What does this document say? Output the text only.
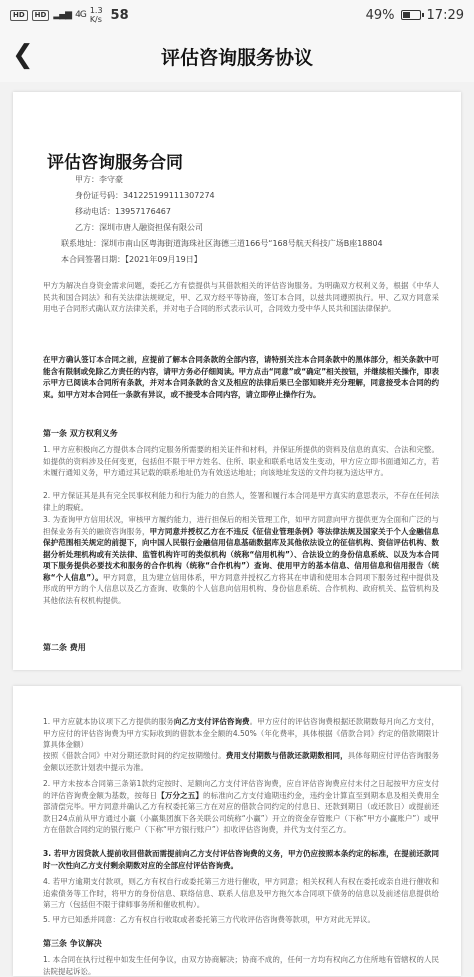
HD	HD ▂▄▆ 4G 1.3
K/s 58	49% 17:29
❮	评估咨询服务协议
评估咨询服务合同
甲方：李守豪
身份证号码：341225199111307274
移动电话：13957176467
乙方：深圳市唐人融资担保有限公司
联系地址：深圳市南山区粤海街道海珠社区海德三道166号“168号航天科技广场B座18804
本合同签署日期：【2021年09月19日】
甲方为解决自身资金需求问题，委托乙方有偿提供与其借款相关的评估咨询服务。为明确双方权利义务，根据《中华人民共和国合同法》和有关法律法规规定，甲、乙双方经平等协商，签订本合同，以兹共同遵照执行。甲、乙双方同意采用电子合同形式确认双方法律关系，并对电子合同的形式表示认可，合同效力受中华人民共和国法律保护。
在甲方确认签订本合同之前，应提前了解本合同条款的全部内容，请特别关注本合同条款中的黑体部分，相关条款中可能含有限制或免除乙方责任的内容，请甲方务必仔细阅读。甲方点击“同意”或“确定”相关按钮，并继续相关操作，即表示甲方已阅读本合同所有条款，并对本合同条款的含义及相应的法律后果已全部知晓并充分理解，同意接受本合同的约束。如甲方对本合同任一条款有异议，或不接受本合同内容，请立即停止操作行为。
第一条 双方权利义务
1. 甲方应积极向乙方提供本合同约定服务所需要的相关证件和材料，并保证所提供的资料及信息的真实、合法和完整。如提供的资料涉及任何变更，包括但不限于甲方姓名、住所、职业和联系电话发生变动，甲方应立即书面通知乙方，若未履行通知义务，甲方通过其记载的联系地址仍为有效送达地址；向该地址发送的文件均视为送达甲方。
2. 甲方保证其是具有完全民事权利能力和行为能力的自然人，签署和履行本合同是甲方真实的意思表示，不存在任何法律上的瑕疵。
3. 为查询甲方信用状况，审核甲方履约能力，进行担保后的相关管理工作，如甲方同意向甲方提供更为全面和广泛的与担保业务有关的融资咨询服务，甲方同意并授权乙方在不违反《征信业管理条例》等法律法规及国家关于个人金融信息保护范围相关规定的前提下，向中国人民银行金融信用信息基础数据库及其他依法设立的征信机构、资信评估机构、数据分析处理机构或有关法律、监管机构许可的类似机构（统称“信用机构”）、合法设立的身份信息系统、以及为本合同项下服务提供必要技术和服务的合作机构（统称“合作机构”）查询、使用甲方的基本信息、信用信息和信用报告（统称“个人信息”）。甲方同意，且为建立信用体系，甲方同意并授权乙方将其在申请和使用本合同项下服务过程中提供及形成的甲方的个人信息以及乙方查询、收集的个人信息向信用机构、身份信息系统、合作机构、政府机关、监管机构及其他依法有权机构提供。
第二条 费用
1. 甲方应就本协议项下乙方提供的服务向乙方支付评估咨询费。甲方应付的评估咨询费根据还款期数每月向乙方支付，甲方应付的评估咨询费为甲方实际收到的借款本金全额的4.50%（年化费率，具体根据《借款合同》约定的借款期限计算具体金额）
按照《借款合同》中对分期还款时间的约定按期缴付。费用支付期数与借款还款期数相同，具体每期应付评估咨询服务金额以还款计划表中提示为准。
2. 甲方未按本合同第三条第1款约定按时、足额向乙方支付评估咨询费，应自评估咨询费应付未付之日起按甲方应支付的评估咨询费金额为基数，按每日【万分之五】的标准向乙方支付逾期违约金，违约金计算直至到期本息及相关费用全部清偿完毕。甲方同意并确认乙方有权委托第三方在对应的借款合同约定的付息日、还款到期日（或还款日）或提前还款日24点前从甲方通过小赢（小赢集团旗下各关联公司统称“小赢”）开立的资金存管账户（下称“甲方小赢账户”）或甲方在借款合同约定的银行账户（下称“甲方银行账户”）扣收评估咨询费，并代为支付至乙方。
3. 若甲方因贷款人提前收回借款而需提前向乙方支付评估咨询费的义务，甲方仍应按照本条约定的标准，在提前还款同时一次性向乙方支付剩余期数对应的全部应付评估咨询费。
4. 若甲方逾期支付款项，则乙方有权自行或委托第三方进行催收，甲方同意；相关权利人有权在委托或亲自进行催收和追索债务等工作时，将甲方的身份信息、联络信息、联系人信息及甲方拖欠本合同项下债务的信息以及前述信息提供给第三方（包括但不限于律师事务所和催收机构）。
5. 甲方已知悉并同意：乙方有权自行收取或者委托第三方代收评估咨询费等款项，甲方对此无异议。
第三条 争议解决
1. 本合同在执行过程中如发生任何争议，由双方协商解决；协商不成的，任何一方均有权向乙方住所地有管辖权的人民法院提起诉讼。
